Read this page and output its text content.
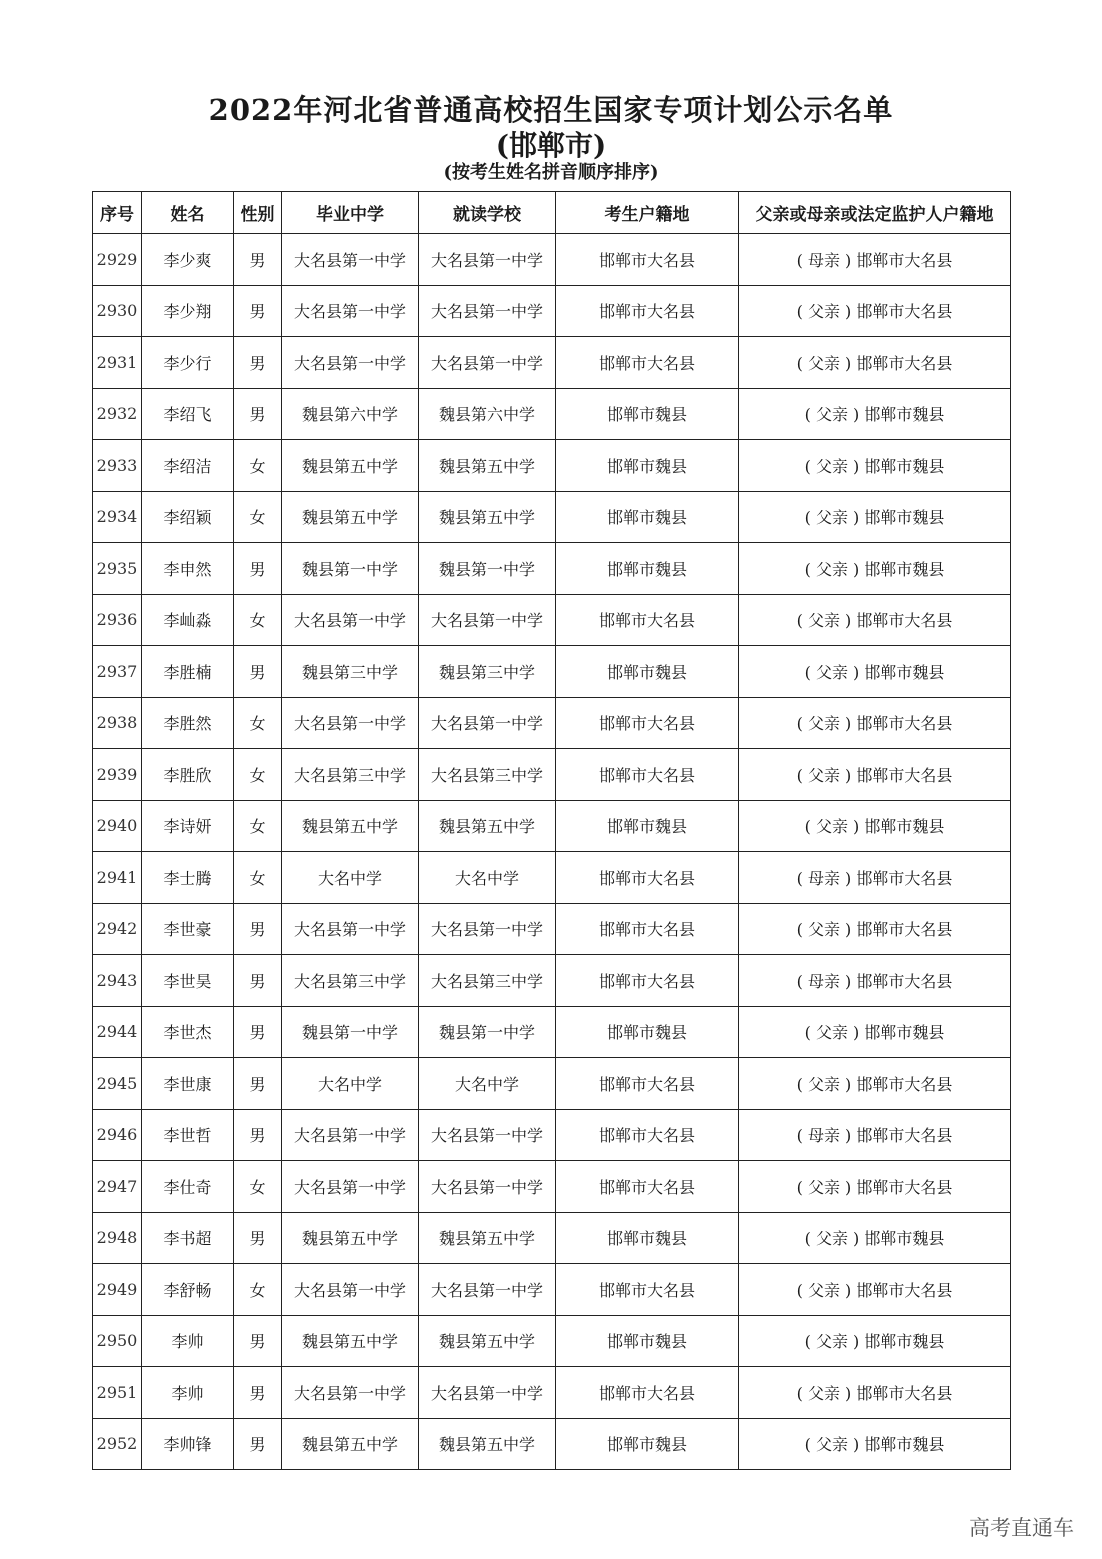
2022年河北省普通高校招生国家专项计划公示名单
(邯郸市)
(按考生姓名拼音顺序排序)
序号	姓名	性别	毕业中学	就读学校	考生户籍地	父亲或母亲或法定监护人户籍地
2929	李少爽	男	大名县第一中学	大名县第一中学	邯郸市大名县	( 母亲 ) 邯郸市大名县
2930	李少翔	男	大名县第一中学	大名县第一中学	邯郸市大名县	( 父亲 ) 邯郸市大名县
2931	李少行	男	大名县第一中学	大名县第一中学	邯郸市大名县	( 父亲 ) 邯郸市大名县
2932	李绍飞	男	魏县第六中学	魏县第六中学	邯郸市魏县	( 父亲 ) 邯郸市魏县
2933	李绍洁	女	魏县第五中学	魏县第五中学	邯郸市魏县	( 父亲 ) 邯郸市魏县
2934	李绍颖	女	魏县第五中学	魏县第五中学	邯郸市魏县	( 父亲 ) 邯郸市魏县
2935	李申然	男	魏县第一中学	魏县第一中学	邯郸市魏县	( 父亲 ) 邯郸市魏县
2936	李屾淼	女	大名县第一中学	大名县第一中学	邯郸市大名县	( 父亲 ) 邯郸市大名县
2937	李胜楠	男	魏县第三中学	魏县第三中学	邯郸市魏县	( 父亲 ) 邯郸市魏县
2938	李胜然	女	大名县第一中学	大名县第一中学	邯郸市大名县	( 父亲 ) 邯郸市大名县
2939	李胜欣	女	大名县第三中学	大名县第三中学	邯郸市大名县	( 父亲 ) 邯郸市大名县
2940	李诗妍	女	魏县第五中学	魏县第五中学	邯郸市魏县	( 父亲 ) 邯郸市魏县
2941	李士腾	女	大名中学	大名中学	邯郸市大名县	( 母亲 ) 邯郸市大名县
2942	李世豪	男	大名县第一中学	大名县第一中学	邯郸市大名县	( 父亲 ) 邯郸市大名县
2943	李世昊	男	大名县第三中学	大名县第三中学	邯郸市大名县	( 母亲 ) 邯郸市大名县
2944	李世杰	男	魏县第一中学	魏县第一中学	邯郸市魏县	( 父亲 ) 邯郸市魏县
2945	李世康	男	大名中学	大名中学	邯郸市大名县	( 父亲 ) 邯郸市大名县
2946	李世哲	男	大名县第一中学	大名县第一中学	邯郸市大名县	( 母亲 ) 邯郸市大名县
2947	李仕奇	女	大名县第一中学	大名县第一中学	邯郸市大名县	( 父亲 ) 邯郸市大名县
2948	李书超	男	魏县第五中学	魏县第五中学	邯郸市魏县	( 父亲 ) 邯郸市魏县
2949	李舒畅	女	大名县第一中学	大名县第一中学	邯郸市大名县	( 父亲 ) 邯郸市大名县
2950	李帅	男	魏县第五中学	魏县第五中学	邯郸市魏县	( 父亲 ) 邯郸市魏县
2951	李帅	男	大名县第一中学	大名县第一中学	邯郸市大名县	( 父亲 ) 邯郸市大名县
2952	李帅锋	男	魏县第五中学	魏县第五中学	邯郸市魏县	( 父亲 ) 邯郸市魏县
高考直通车
